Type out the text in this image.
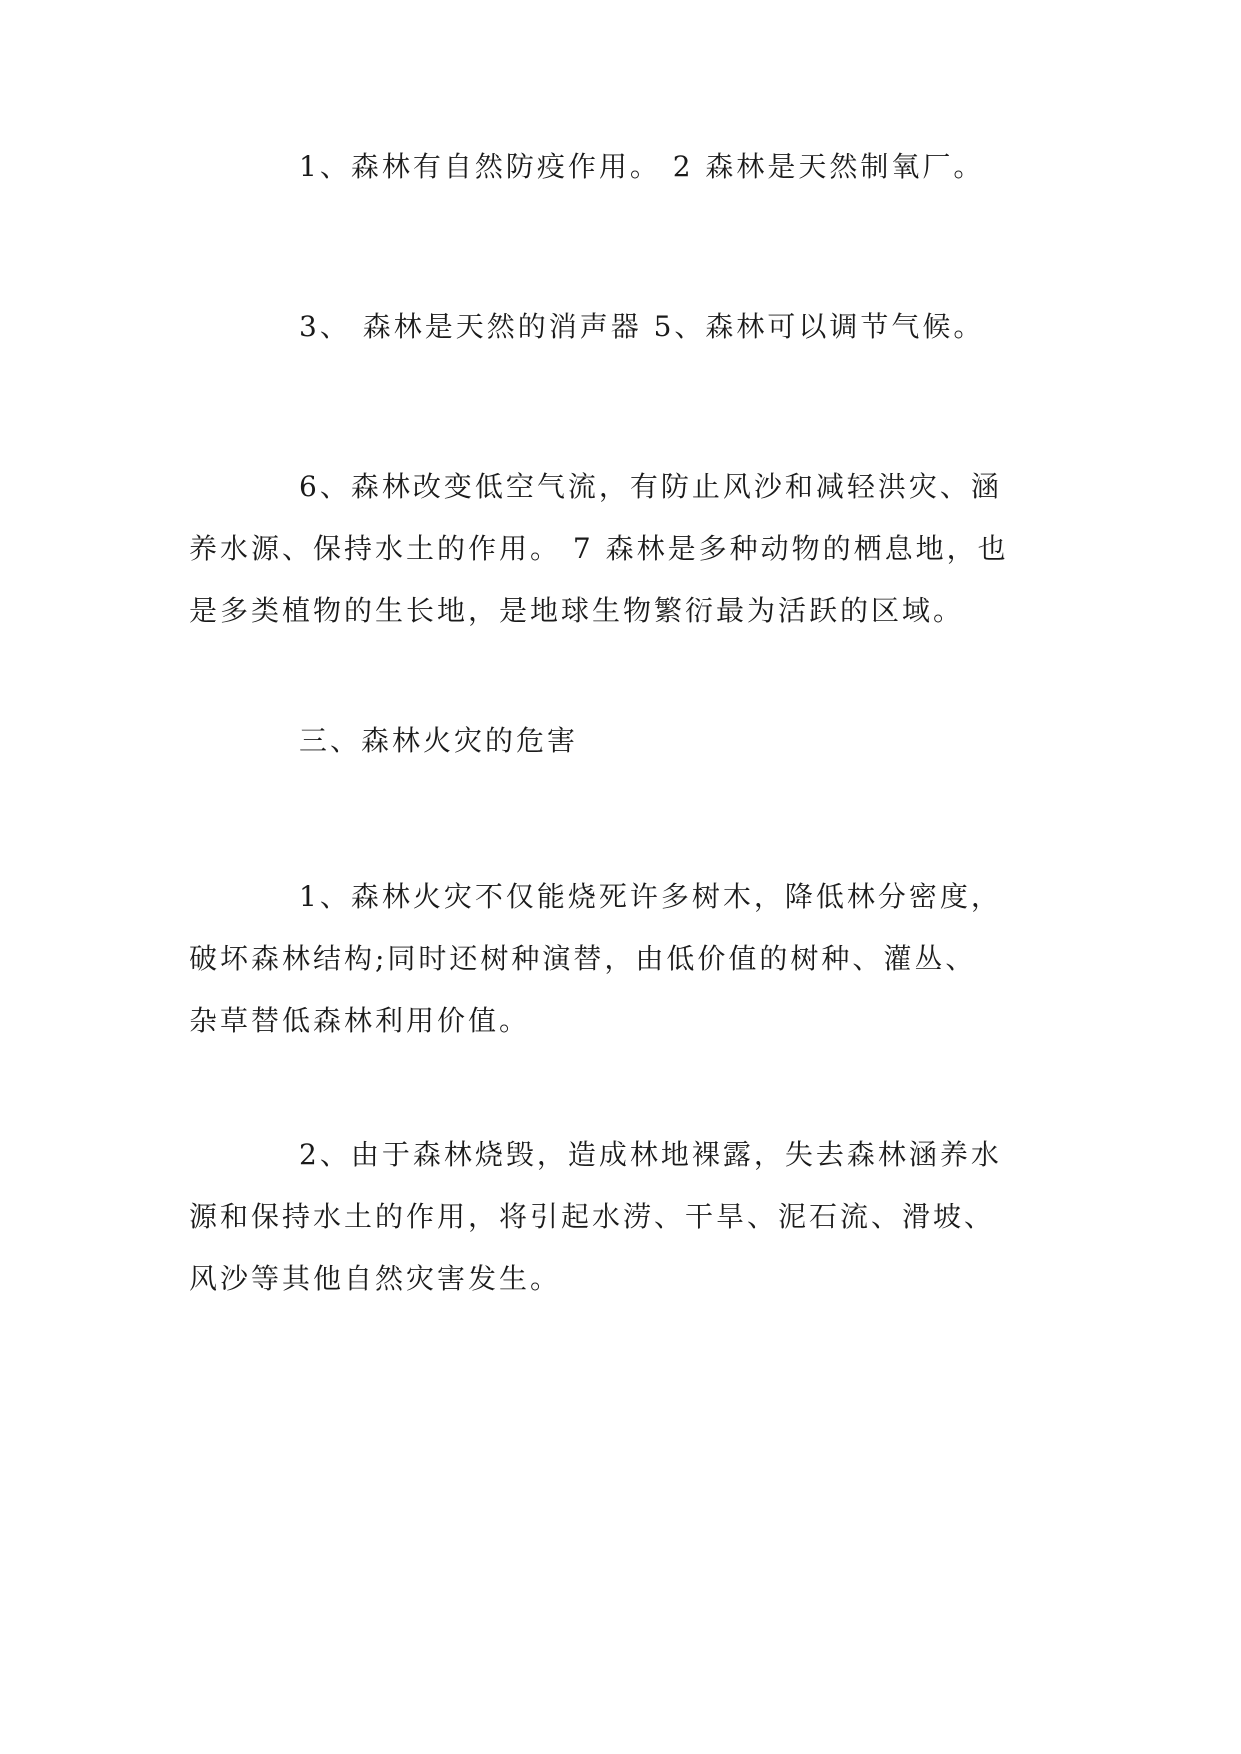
1、森林有自然防疫作用。 2 森林是天然制氧厂。

3、 森林是天然的消声器 5、森林可以调节气候。

6、森林改变低空气流，有防止风沙和减轻洪灾、涵
养水源、保持水土的作用。 7 森林是多种动物的栖息地，也
是多类植物的生长地，是地球生物繁衍最为活跃的区域。

三、森林火灾的危害

1、森林火灾不仅能烧死许多树木，降低林分密度，
破坏森林结构;同时还树种演替，由低价值的树种、灌丛、
杂草替低森林利用价值。

2、由于森林烧毁，造成林地裸露，失去森林涵养水
源和保持水土的作用，将引起水涝、干旱、泥石流、滑坡、
风沙等其他自然灾害发生。
